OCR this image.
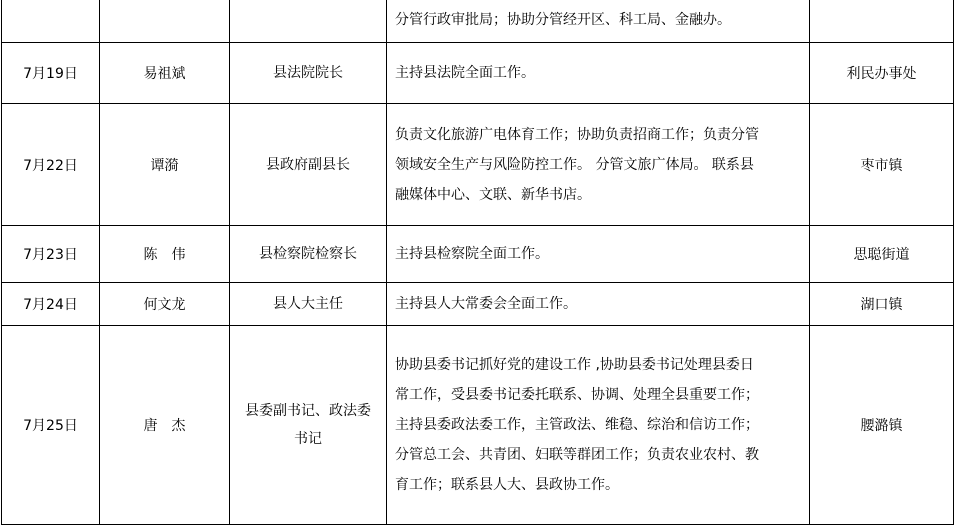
			分管行政审批局；协助分管经开区、科工局、金融办。	

7月19日	易祖斌	县法院院长	主持县法院全面工作。	利民办事处
7月22日	谭漪	县政府副县长	负责文化旅游广电体育工作；协助负责招商工作；负责分管
领域安全生产与风险防控工作。 分管文旅广体局。 联系县
融媒体中心、文联、新华书店。	枣市镇
7月23日	陈　伟	县检察院检察长	主持县检察院全面工作。	思聪街道
7月24日	何文龙	县人大主任	主持县人大常委会全面工作。	湖口镇
7月25日	唐　杰	县委副书记、政法委
书记	协助县委书记抓好党的建设工作 ,协助县委书记处理县委日
常工作，受县委书记委托联系、协调、处理全县重要工作；
主持县委政法委工作，主管政法、维稳、综治和信访工作；
分管总工会、共青团、妇联等群团工作；负责农业农村、教
育工作；联系县人大、县政协工作。	腰潞镇
